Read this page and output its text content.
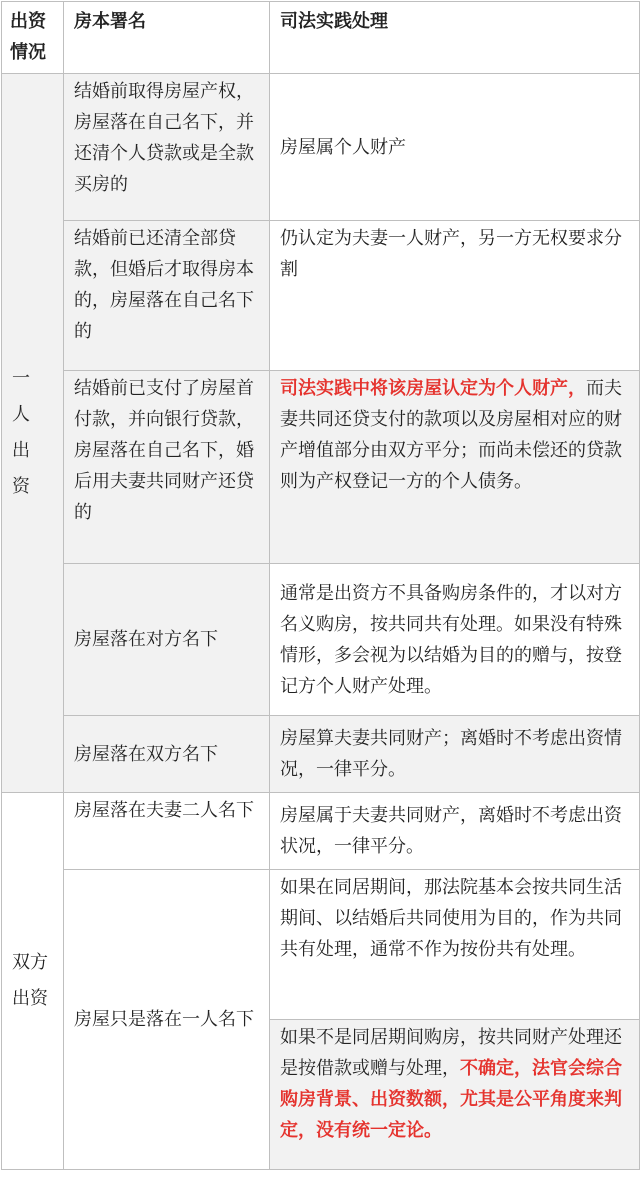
出资情况	房本署名	司法实践处理

一人出资	结婚前取得房屋产权，房屋落在自己名下，并还清个人贷款或是全款买房的	房屋属个人财产
	结婚前已还清全部贷款，但婚后才取得房本的，房屋落在自己名下的	仍认定为夫妻一人财产，另一方无权要求分割
	结婚前已支付了房屋首付款，并向银行贷款，房屋落在自己名下，婚后用夫妻共同财产还贷的	司法实践中将该房屋认定为个人财产，而夫妻共同还贷支付的款项以及房屋相对应的财产增值部分由双方平分；而尚未偿还的贷款则为产权登记一方的个人债务。
	房屋落在对方名下	通常是出资方不具备购房条件的，才以对方名义购房，按共同共有处理。如果没有特殊情形，多会视为以结婚为目的的赠与，按登记方个人财产处理。
	房屋落在双方名下	房屋算夫妻共同财产；离婚时不考虑出资情况，一律平分。

双方出资	房屋落在夫妻二人名下	房屋属于夫妻共同财产，离婚时不考虑出资状况，一律平分。
	房屋只是落在一人名下	如果在同居期间，那法院基本会按共同生活期间、以结婚后共同使用为目的，作为共同共有处理，通常不作为按份共有处理。
		如果不是同居期间购房，按共同财产处理还是按借款或赠与处理，不确定，法官会综合购房背景、出资数额，尤其是公平角度来判定，没有统一定论。
